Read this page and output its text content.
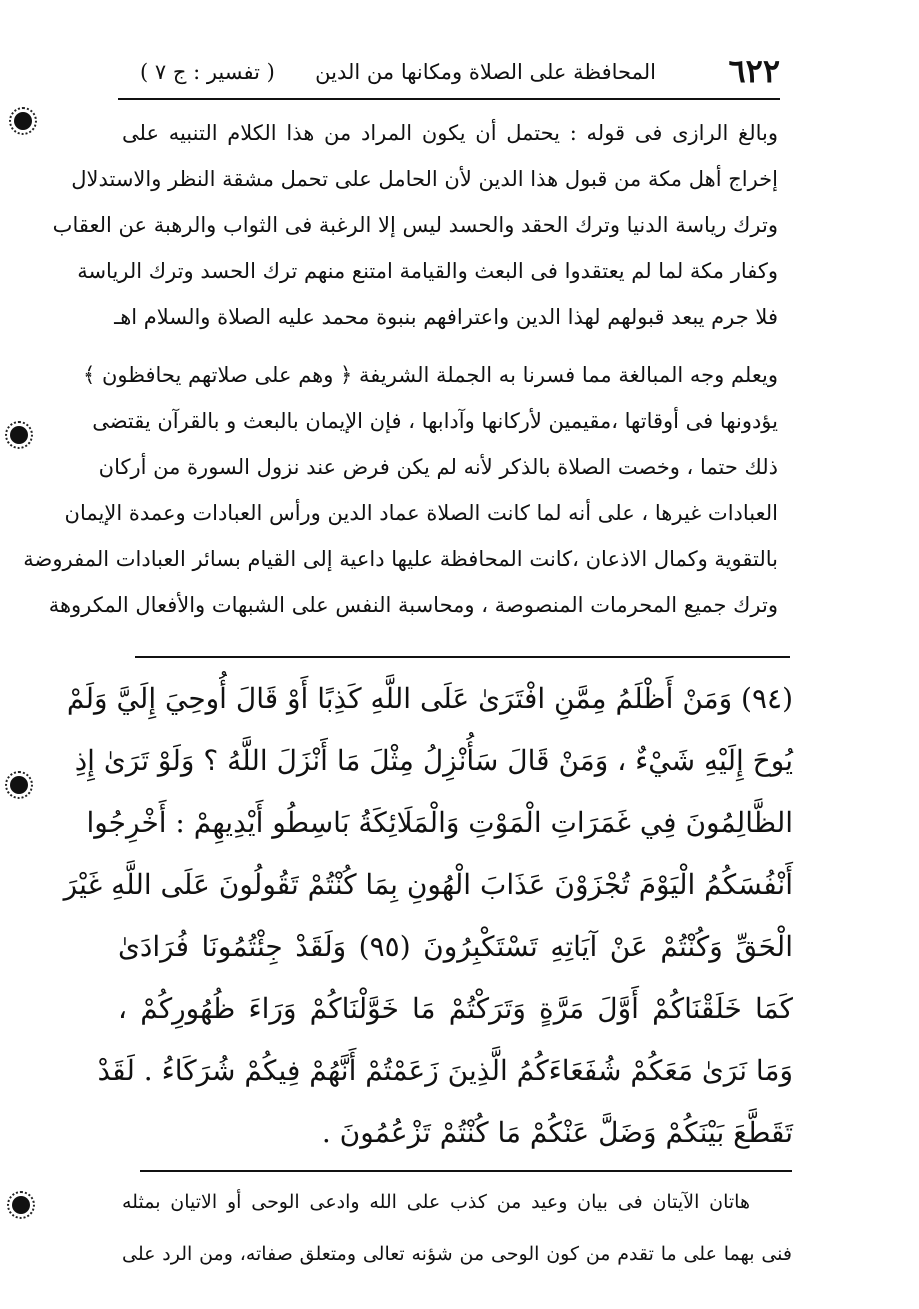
٦٢٢
المحافظة على الصلاة ومكانها من الدين
( تفسير : ج ٧ )
وبالغ الرازى فى قوله : يحتمل أن يكون المراد من هذا الكلام التنبيه على
إخراج أهل مكة من قبول هذا الدين لأن الحامل على تحمل مشقة النظر والاستدلال
وترك رياسة الدنيا وترك الحقد والحسد ليس إلا الرغبة فى الثواب والرهبة عن العقاب
وكفار مكة لما لم يعتقدوا فى البعث والقيامة امتنع منهم ترك الحسد وترك الرياسة
فلا جرم يبعد قبولهم لهذا الدين واعترافهم بنبوة محمد عليه الصلاة والسلام اهـ
ويعلم وجه المبالغة مما فسرنا به الجملة الشريفة ﴿ وهم على صلاتهم يحافظون ﴾
يؤدونها فى أوقاتها ،مقيمين لأركانها وآدابها ، فإن الإيمان بالبعث و بالقرآن يقتضى
ذلك حتما ، وخصت الصلاة بالذكر لأنه لم يكن فرض عند نزول السورة من أركان
العبادات غيرها ، على أنه لما كانت الصلاة عماد الدين ورأس العبادات وعمدة الإيمان
بالتقوية وكمال الاذعان ،كانت المحافظة عليها داعية إلى القيام بسائر العبادات المفروضة
وترك جميع المحرمات المنصوصة ، ومحاسبة النفس على الشبهات والأفعال المكروهة
(٩٤) وَمَنْ أَظْلَمُ مِمَّنِ افْتَرَىٰ عَلَى اللَّهِ كَذِبًا أَوْ قَالَ أُوحِيَ إِلَيَّ وَلَمْ
يُوحَ إِلَيْهِ شَيْءٌ ، وَمَنْ قَالَ سَأُنْزِلُ مِثْلَ مَا أَنْزَلَ اللَّهُ ؟ وَلَوْ تَرَىٰ إِذِ
الظَّالِمُونَ فِي غَمَرَاتِ الْمَوْتِ وَالْمَلَائِكَةُ بَاسِطُو أَيْدِيهِمْ : أَخْرِجُوا
أَنْفُسَكُمُ الْيَوْمَ تُجْزَوْنَ عَذَابَ الْهُونِ بِمَا كُنْتُمْ تَقُولُونَ عَلَى اللَّهِ غَيْرَ
الْحَقِّ وَكُنْتُمْ عَنْ آيَاتِهِ تَسْتَكْبِرُونَ (٩٥) وَلَقَدْ جِئْتُمُونَا فُرَادَىٰ
كَمَا خَلَقْنَاكُمْ أَوَّلَ مَرَّةٍ وَتَرَكْتُمْ مَا خَوَّلْنَاكُمْ وَرَاءَ ظُهُورِكُمْ ،
وَمَا نَرَىٰ مَعَكُمْ شُفَعَاءَكُمُ الَّذِينَ زَعَمْتُمْ أَنَّهُمْ فِيكُمْ شُرَكَاءُ . لَقَدْ
تَقَطَّعَ بَيْنَكُمْ وَضَلَّ عَنْكُمْ مَا كُنْتُمْ تَزْعُمُونَ .
هاتان الآيتان فى بيان وعيد من كذب على الله وادعى الوحى أو الاتيان بمثله
فنى بهما على ما تقدم من كون الوحى من شؤنه تعالى ومتعلق صفاته، ومن الرد على
